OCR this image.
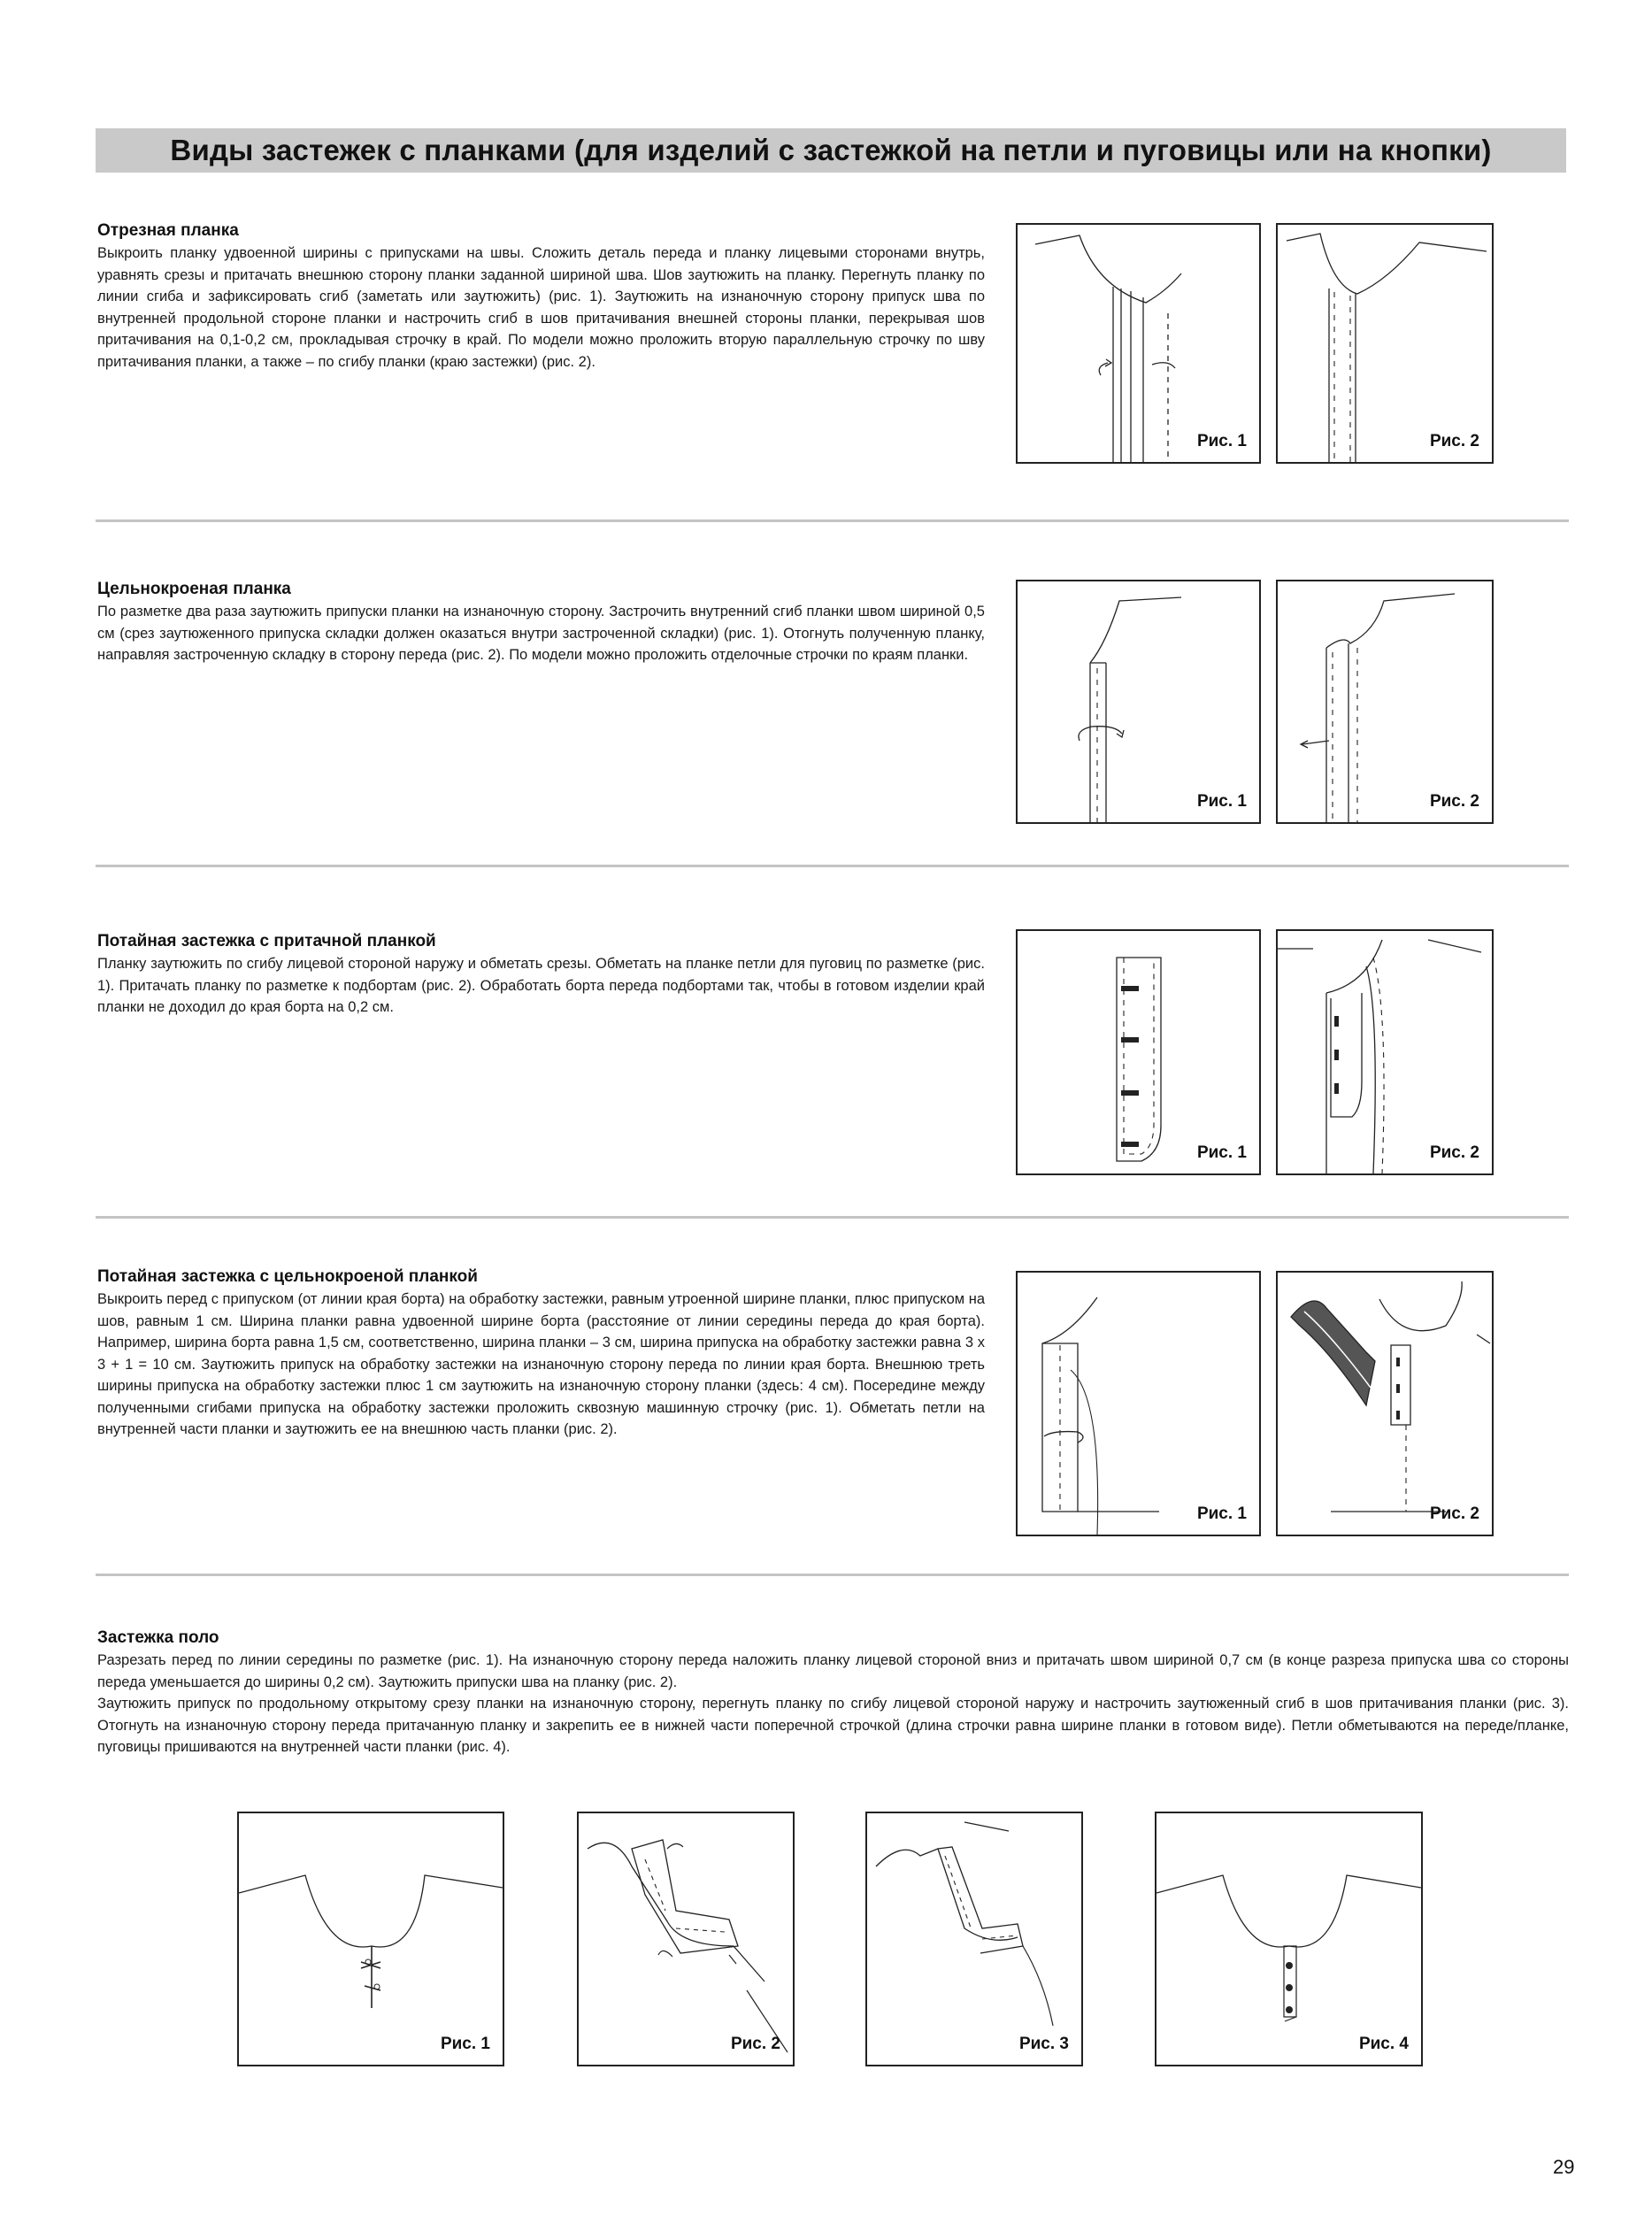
Виды застежек с планками (для изделий с застежкой на петли и пуговицы или на кнопки)
Отрезная планка

Выкроить планку удвоенной ширины с припусками на швы. Сложить деталь переда и планку лицевыми сторонами внутрь, уравнять срезы и притачать внешнюю сторону планки заданной шириной шва. Шов заутюжить на планку. Перегнуть планку по линии сгиба и зафиксировать сгиб (заметать или заутюжить) (рис. 1). Заутюжить на изнаночную сторону припуск шва по внутренней продольной стороне планки и настрочить сгиб в шов притачивания внешней стороны планки, перекрывая шов притачивания на 0,1-0,2 см, прокладывая строчку в край. По модели можно проложить вторую параллельную строчку по шву притачивания планки, а также – по сгибу планки (краю застежки) (рис. 2).

Рис. 1	Рис. 2
Цельнокроеная планка

По разметке два раза заутюжить припуски планки на изнаночную сторону. Застрочить внутренний сгиб планки швом шириной 0,5 см (срез заутюженного припуска складки должен оказаться внутри застроченной складки) (рис. 1). Отогнуть полученную планку, направляя застроченную складку в сторону переда (рис. 2). По модели можно проложить отделочные строчки по краям планки.

Рис. 1	Рис. 2
Потайная застежка с притачной планкой

Планку заутюжить по сгибу лицевой стороной наружу и обметать срезы. Обметать на планке петли для пуговиц по разметке (рис. 1). Притачать планку по разметке к подбортам (рис. 2). Обработать борта переда подбортами так, чтобы в готовом изделии край планки не доходил до края борта на 0,2 см.

Рис. 1	Рис. 2
Потайная застежка с цельнокроеной планкой

Выкроить перед с припуском (от линии края борта) на обработку застежки, равным утроенной ширине планки, плюс припуском на шов, равным 1 см. Ширина планки равна удвоенной ширине борта (расстояние от линии середины переда до края борта). Например, ширина борта равна 1,5 см, соответственно, ширина планки – 3 см, ширина припуска на обработку застежки равна 3 х 3 + 1 = 10 см. Заутюжить припуск на обработку застежки на изнаночную сторону переда по линии края борта. Внешнюю треть ширины припуска на обработку застежки плюс 1 см заутюжить на изнаночную сторону планки (здесь: 4 см). Посередине между полученными сгибами припуска на обработку застежки проложить сквозную машинную строчку (рис. 1). Обметать петли на внутренней части планки и заутюжить ее на внешнюю часть планки (рис. 2).

Рис. 1	Рис. 2
Застежка поло

Разрезать перед по линии середины по разметке (рис. 1). На изнаночную сторону переда наложить планку лицевой стороной вниз и притачать швом шириной 0,7 см (в конце разреза припуска шва со стороны переда уменьшается до ширины 0,2 см). Заутюжить припуски шва на планку (рис. 2).

Заутюжить припуск по продольному открытому срезу планки на изнаночную сторону, перегнуть планку по сгибу лицевой стороной наружу и настрочить заутюженный сгиб в шов притачивания планки (рис. 3). Отогнуть на изнаночную сторону переда притачанную планку и закрепить ее в нижней части поперечной строчкой (длина строчки равна ширине планки в готовом виде). Петли обметываются на переде/планке, пуговицы пришиваются на внутренней части планки (рис. 4).

Рис. 1	Рис. 2	Рис. 3	Рис. 4
29
